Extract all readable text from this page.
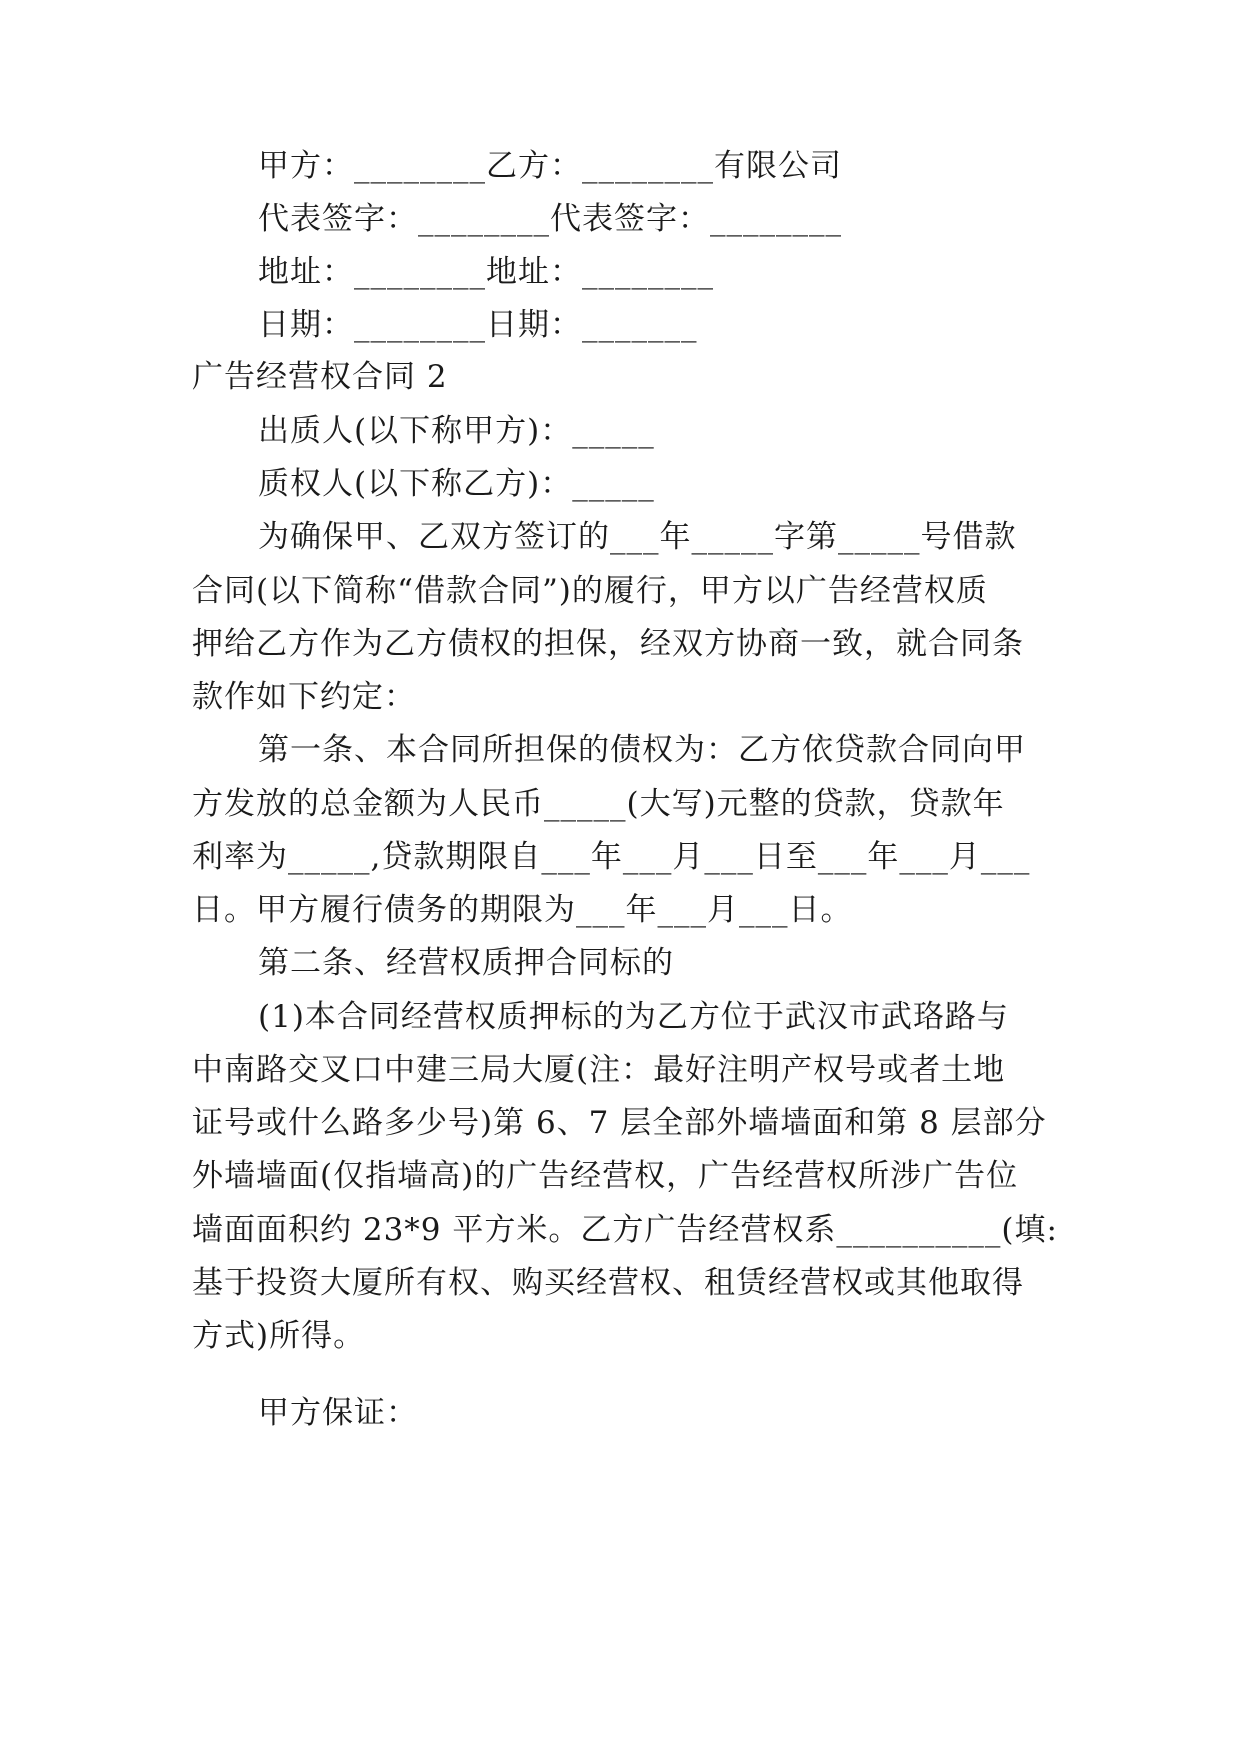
甲方：________乙方：________有限公司
代表签字：________代表签字：________
地址：________地址：________
日期：________日期：_______
广告经营权合同 2
出质人(以下称甲方)：_____
质权人(以下称乙方)：_____
为确保甲、乙双方签订的___年_____字第_____号借款
合同(以下简称“借款合同”)的履行，甲方以广告经营权质
押给乙方作为乙方债权的担保，经双方协商一致，就合同条
款作如下约定：
第一条、本合同所担保的债权为：乙方依贷款合同向甲
方发放的总金额为人民币_____(大写)元整的贷款，贷款年
利率为_____,贷款期限自___年___月___日至___年___月___
日。甲方履行债务的期限为___年___月___日。
第二条、经营权质押合同标的
(1)本合同经营权质押标的为乙方位于武汉市武珞路与
中南路交叉口中建三局大厦(注：最好注明产权号或者土地
证号或什么路多少号)第 6、7 层全部外墙墙面和第 8 层部分
外墙墙面(仅指墙高)的广告经营权，广告经营权所涉广告位
墙面面积约 23*9 平方米。乙方广告经营权系__________(填:
基于投资大厦所有权、购买经营权、租赁经营权或其他取得
方式)所得。
甲方保证：
